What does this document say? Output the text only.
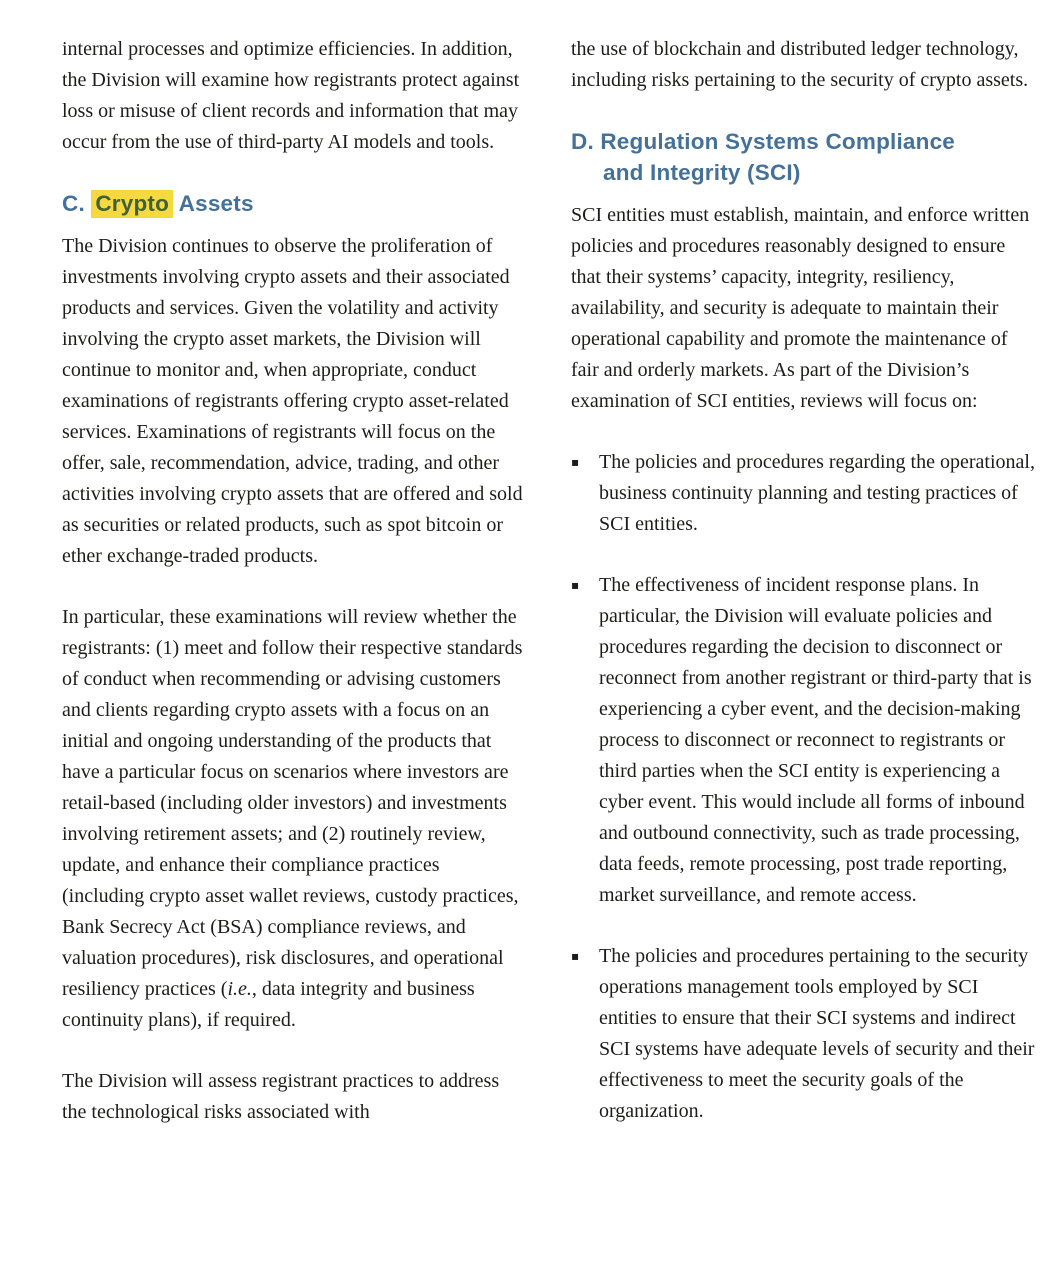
internal processes and optimize efficiencies. In addition, the Division will examine how registrants protect against loss or misuse of client records and information that may occur from the use of third-party AI models and tools.

C. Crypto Assets

The Division continues to observe the proliferation of investments involving crypto assets and their associated products and services. Given the volatility and activity involving the crypto asset markets, the Division will continue to monitor and, when appropriate, conduct examinations of registrants offering crypto asset-related services. Examinations of registrants will focus on the offer, sale, recommendation, advice, trading, and other activities involving crypto assets that are offered and sold as securities or related products, such as spot bitcoin or ether exchange-traded products.

In particular, these examinations will review whether the registrants: (1) meet and follow their respective standards of conduct when recommending or advising customers and clients regarding crypto assets with a focus on an initial and ongoing understanding of the products that have a particular focus on scenarios where investors are retail-based (including older investors) and investments involving retirement assets; and (2) routinely review, update, and enhance their compliance practices (including crypto asset wallet reviews, custody practices, Bank Secrecy Act (BSA) compliance reviews, and valuation procedures), risk disclosures, and operational resiliency practices (i.e., data integrity and business continuity plans), if required.

The Division will assess registrant practices to address the technological risks associated with

the use of blockchain and distributed ledger technology, including risks pertaining to the security of crypto assets.

D. Regulation Systems Compliance
and Integrity (SCI)

SCI entities must establish, maintain, and enforce written policies and procedures reasonably designed to ensure that their systems’ capacity, integrity, resiliency, availability, and security is adequate to maintain their operational capability and promote the maintenance of fair and orderly markets. As part of the Division’s examination of SCI entities, reviews will focus on:

▪ The policies and procedures regarding the operational, business continuity planning and testing practices of SCI entities.
▪ The effectiveness of incident response plans. In particular, the Division will evaluate policies and procedures regarding the decision to disconnect or reconnect from another registrant or third-party that is experiencing a cyber event, and the decision-making process to disconnect or reconnect to registrants or third parties when the SCI entity is experiencing a cyber event. This would include all forms of inbound and outbound connectivity, such as trade processing, data feeds, remote processing, post trade reporting, market surveillance, and remote access.
▪ The policies and procedures pertaining to the security operations management tools employed by SCI entities to ensure that their SCI systems and indirect SCI systems have adequate levels of security and their effectiveness to meet the security goals of the organization.
